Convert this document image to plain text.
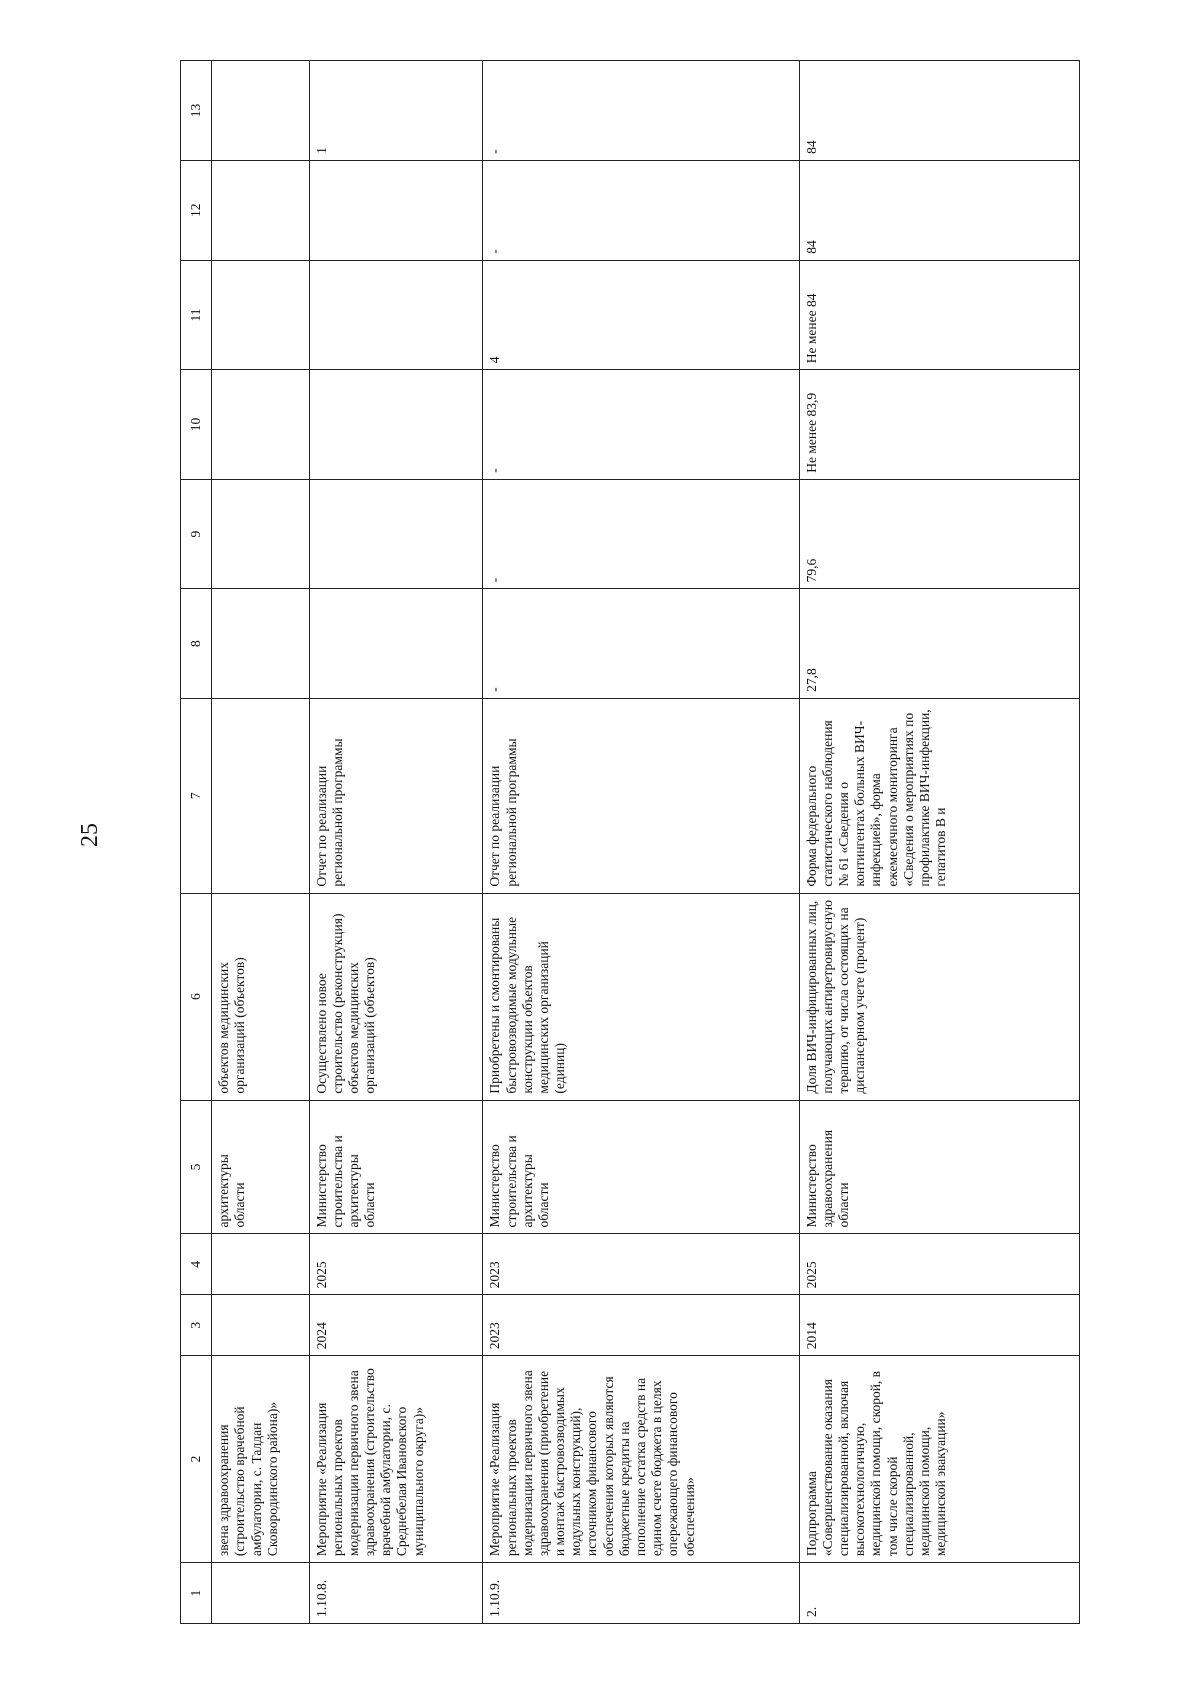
25
1	2	3	4	5	6	7	8	9	10	11	12	13
	звена здравоохранения (строительство врачебной амбулатории, с. Талдан Сковородинского района)»			архитектуры области	объектов медицинских организаций (объектов)							
1.10.8.	Мероприятие «Реализация региональных проектов модернизации первичного звена здравоохранения (строительство врачебной амбулатории, с. Среднебелая Ивановского муниципального округа)»	2024	2025	Министерство строительства и архитектуры области	Осуществлено новое строительство (реконструкция) объектов медицинских организаций (объектов)	Отчет по реализации региональной программы						1
1.10.9.	Мероприятие «Реализация региональных проектов модернизации первичного звена здравоохранения (приобретение и монтаж быстровозводимых модульных конструкций), источником финансового обеспечения которых являются бюджетные кредиты на пополнение остатка средств на едином счете бюджета в целях опережающего финансового обеспечения»	2023	2023	Министерство строительства и архитектуры области	Приобретены и смонтированы быстровозводимые модульные конструкции объектов медицинских организаций (единиц)	Отчет по реализации региональной программы	-	-	-	4	-	-
2.	Подпрограмма «Совершенствование оказания специализированной, включая высокотехнологичную, медицинской помощи, скорой, в том числе скорой специализированной, медицинской помощи, медицинской эвакуации»	2014	2025	Министерство здравоохранения области	Доля ВИЧ-инфицированных лиц, получающих антиретровирусную терапию, от числа состоящих на диспансерном учете (процент)	Форма федерального статистического наблюдения № 61 «Сведения о контингентах больных ВИЧ-инфекцией», форма ежемесячного мониторинга «Сведения о мероприятиях по профилактике ВИЧ-инфекции, гепатитов В и	27,8	79,6	Не менее 83,9	Не менее 84	84	84
